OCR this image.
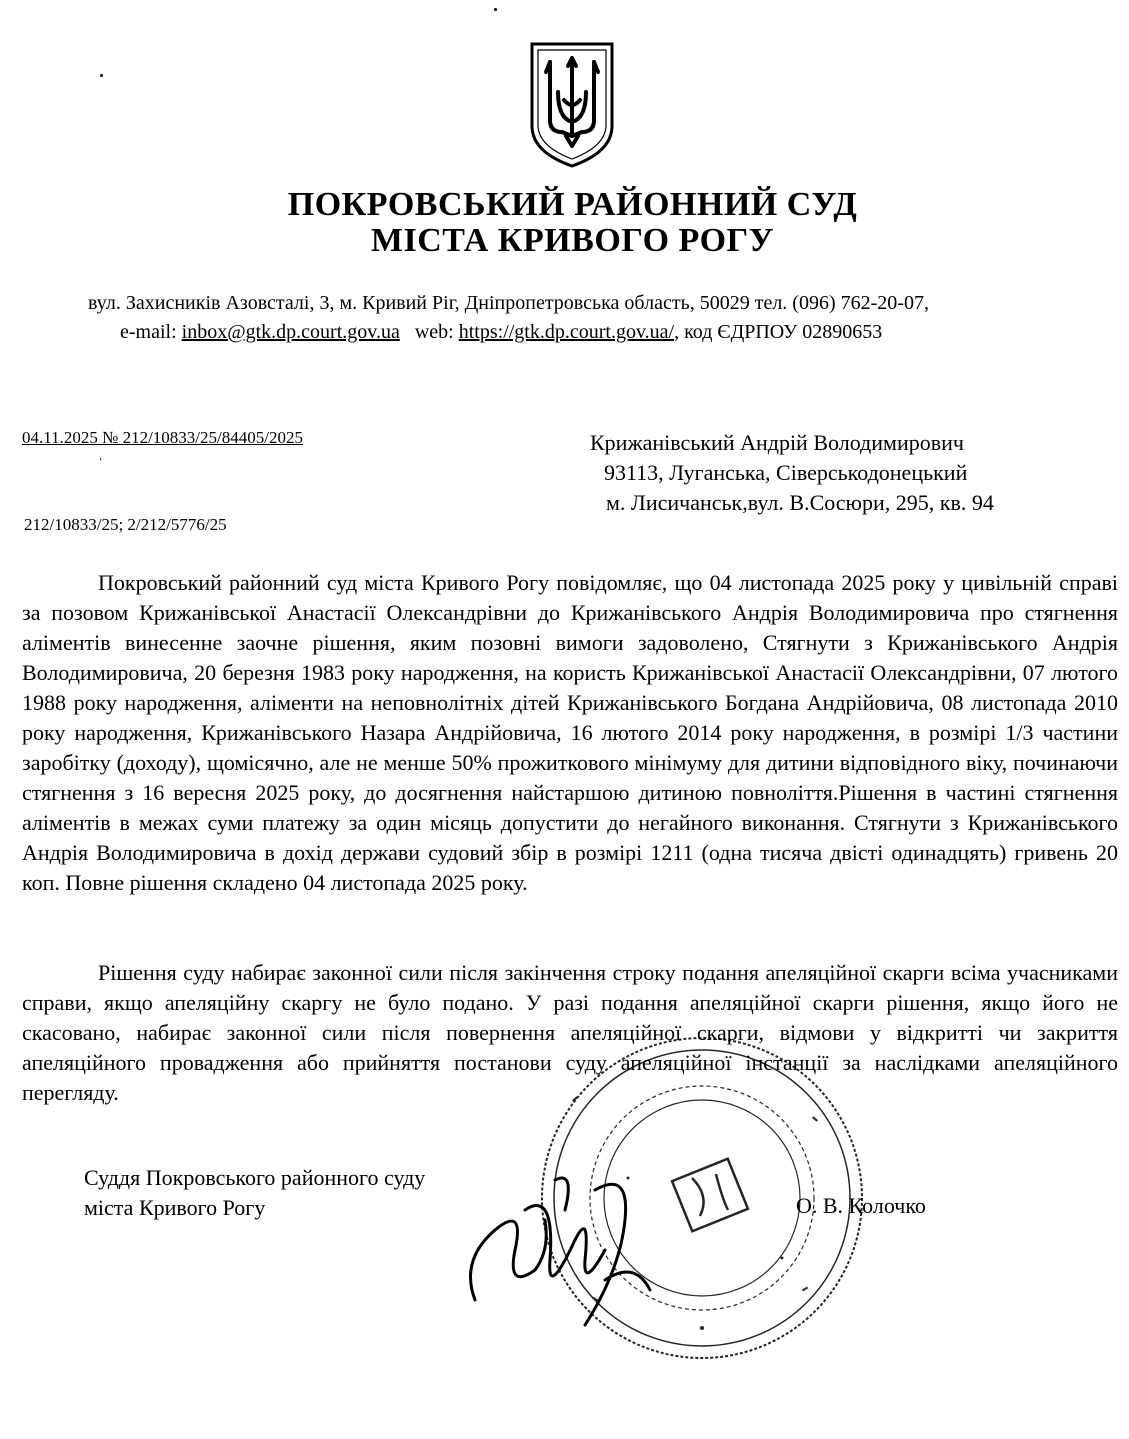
ПОКРОВСЬКИЙ РАЙОННИЙ СУД
МІСТА КРИВОГО РОГУ
вул. Захисників Азовсталі, 3, м. Кривий Ріг, Дніпропетровська область, 50029 тел. (096) 762-20-07,
e-mail: inbox@gtk.dp.court.gov.ua web: https://gtk.dp.court.gov.ua/, код ЄДРПОУ 02890653
04.11.2025 № 212/10833/25/84405/2025
ˈ
212/10833/25; 2/212/5776/25
Крижанівський Андрій Володимирович
93113, Луганська, Сіверськодонецький
м. Лисичанськ,вул. В.Сосюри, 295, кв. 94
Покровський районний суд міста Кривого Рогу повідомляє, що 04 листопада 2025 року у цивільній справі за позовом Крижанівської Анастасії Олександрівни до Крижанівського Андрія Володимировича про стягнення аліментів винесенне заочне рішення, яким позовні вимоги задоволено, Стягнути з Крижанівського Андрія Володимировича, 20 березня 1983 року народження, на користь Крижанівської Анастасії Олександрівни, 07 лютого 1988 року народження, аліменти на неповнолітніх дітей Крижанівського Богдана Андрійовича, 08 листопада 2010 року народження, Крижанівського Назара Андрійовича, 16 лютого 2014 року народження, в розмірі 1/3 частини заробітку (доходу), щомісячно, але не менше 50% прожиткового мінімуму для дитини відповідного віку, починаючи стягнення з 16 вересня 2025 року, до досягнення найстаршою дитиною повноліття.Рішення в частині стягнення аліментів в межах суми платежу за один місяць допустити до негайного виконання. Стягнути з Крижанівського Андрія Володимировича в дохід держави судовий збір в розмірі 1211 (одна тисяча двісті одинадцять) гривень 20 коп. Повне рішення складено 04 листопада 2025 року.
Рішення суду набирає законної сили після закінчення строку подання апеляційної скарги всіма учасниками справи, якщо апеляційну скаргу не було подано. У разі подання апеляційної скарги рішення, якщо його не скасовано, набирає законної сили після повернення апеляційної скарги, відмови у відкритті чи закриття апеляційного провадження або прийняття постанови суду апеляційної інстанції за наслідками апеляційного перегляду.
Суддя Покровського районного суду
міста Кривого Рогу	О. В. Колочко
